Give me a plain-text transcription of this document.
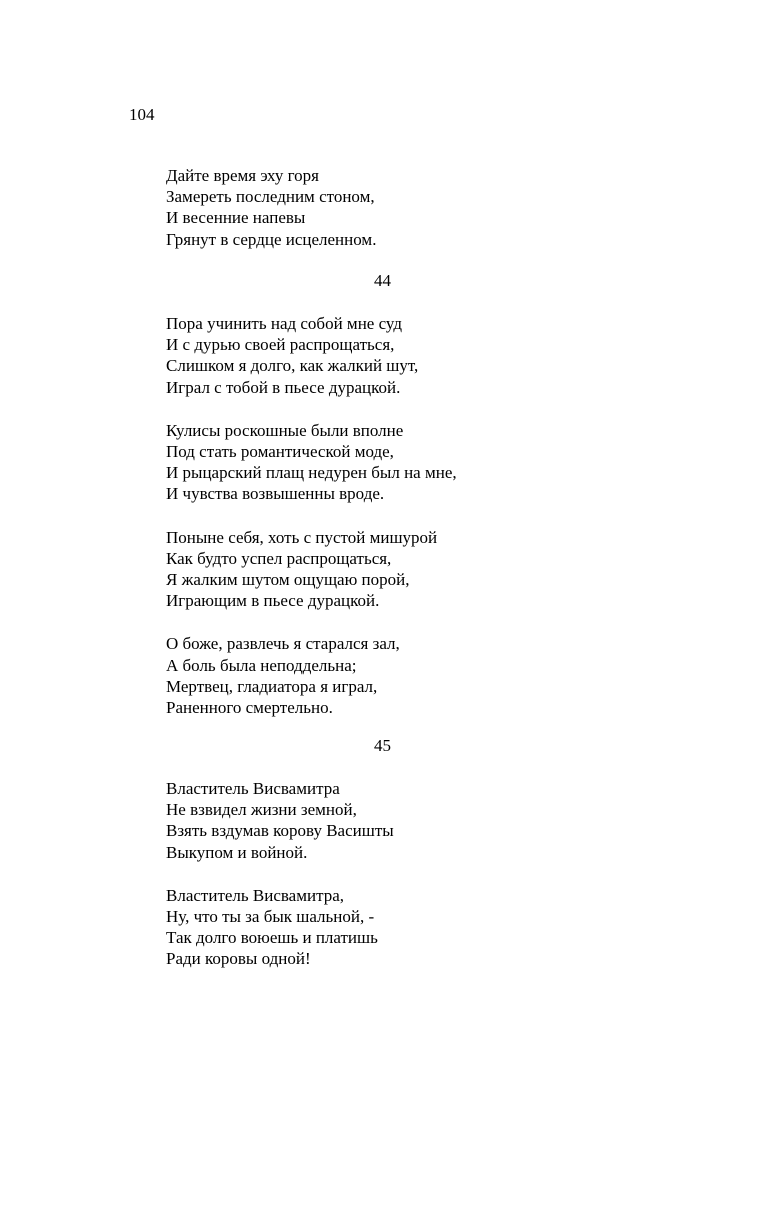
104
Дайте время эху горя
Замереть последним стоном,
И весенние напевы
Грянут в сердце исцеленном.
44
Пора учинить над собой мне суд
И с дурью своей распрощаться,
Слишком я долго, как жалкий шут,
Играл с тобой в пьесе дурацкой.
Кулисы роскошные были вполне
Под стать романтической моде,
И рыцарский плащ недурен был на мне,
И чувства возвышенны вроде.
Поныне себя, хоть с пустой мишурой
Как будто успел распрощаться,
Я жалким шутом ощущаю порой,
Играющим в пьесе дурацкой.
О боже, развлечь я старался зал,
А боль была неподдельна;
Мертвец, гладиатора я играл,
Раненного смертельно.
45
Властитель Висвамитра
Не взвидел жизни земной,
Взять вздумав корову Васишты
Выкупом и войной.
Властитель Висвамитра,
Ну, что ты за бык шальной, -
Так долго воюешь и платишь
Ради коровы одной!
